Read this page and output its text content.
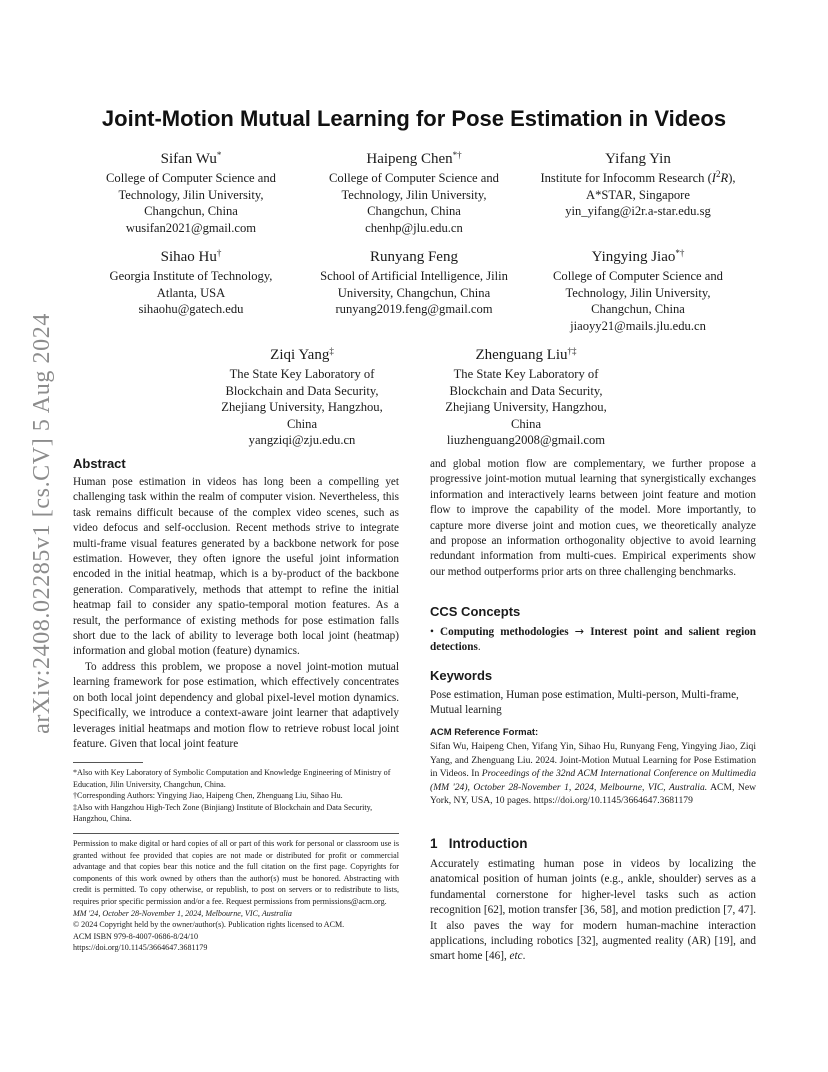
arXiv:2408.02285v1 [cs.CV] 5 Aug 2024
Joint-Motion Mutual Learning for Pose Estimation in Videos
Sifan Wu*
College of Computer Science and
Technology, Jilin University,
Changchun, China
wusifan2021@gmail.com
Haipeng Chen*†
College of Computer Science and
Technology, Jilin University,
Changchun, China
chenhp@jlu.edu.cn
Yifang Yin
Institute for Infocomm Research $(I^2R)$,
A*STAR, Singapore
yin_yifang@i2r.a-star.edu.sg
Sihao Hu†
Georgia Institute of Technology,
Atlanta, USA
sihaohu@gatech.edu
Runyang Feng
School of Artificial Intelligence, Jilin
University, Changchun, China
runyang2019.feng@gmail.com
Yingying Jiao*†
College of Computer Science and
Technology, Jilin University,
Changchun, China
jiaoyy21@mails.jlu.edu.cn
Ziqi Yang‡
The State Key Laboratory of
Blockchain and Data Security,
Zhejiang University, Hangzhou,
China
yangziqi@zju.edu.cn
Zhenguang Liu†‡
The State Key Laboratory of
Blockchain and Data Security,
Zhejiang University, Hangzhou,
China
liuzhenguang2008@gmail.com
Abstract

Human pose estimation in videos has long been a compelling yet challenging task within the realm of computer vision. Nevertheless, this task remains difficult because of the complex video scenes, such as video defocus and self-occlusion. Recent methods strive to integrate multi-frame visual features generated by a backbone network for pose estimation. However, they often ignore the useful joint information encoded in the initial heatmap, which is a by-product of the backbone generation. Comparatively, methods that attempt to refine the initial heatmap fail to consider any spatio-temporal motion features. As a result, the performance of existing methods for pose estimation falls short due to the lack of ability to leverage both local joint (heatmap) information and global motion (feature) dynamics.

To address this problem, we propose a novel joint-motion mutual learning framework for pose estimation, which effectively concentrates on both local joint dependency and global pixel-level motion dynamics. Specifically, we introduce a context-aware joint learner that adaptively leverages initial heatmaps and motion flow to retrieve robust local joint feature. Given that local joint feature

*Also with Key Laboratory of Symbolic Computation and Knowledge Engineering of Ministry of Education, Jilin University, Changchun, China.

†Corresponding Authors: Yingying Jiao, Haipeng Chen, Zhenguang Liu, Sihao Hu.

‡Also with Hangzhou High-Tech Zone (Binjiang) Institute of Blockchain and Data Security, Hangzhou, China.

Permission to make digital or hard copies of all or part of this work for personal or classroom use is granted without fee provided that copies are not made or distributed for profit or commercial advantage and that copies bear this notice and the full citation on the first page. Copyrights for components of this work owned by others than the author(s) must be honored. Abstracting with credit is permitted. To copy otherwise, or republish, to post on servers or to redistribute to lists, requires prior specific permission and/or a fee. Request permissions from permissions@acm.org.

MM '24, October 28-November 1, 2024, Melbourne, VIC, Australia

© 2024 Copyright held by the owner/author(s). Publication rights licensed to ACM.

ACM ISBN 979-8-4007-0686-8/24/10

https://doi.org/10.1145/3664647.3681179

and global motion flow are complementary, we further propose a progressive joint-motion mutual learning that synergistically exchanges information and interactively learns between joint feature and motion flow to improve the capability of the model. More importantly, to capture more diverse joint and motion cues, we theoretically analyze and propose an information orthogonality objective to avoid learning redundant information from multi-cues. Empirical experiments show our method outperforms prior arts on three challenging benchmarks.

CCS Concepts

• Computing methodologies → Interest point and salient region detections.

Keywords
Pose estimation, Human pose estimation, Multi-person, Multi-frame, Mutual learning
ACM Reference Format:

Sifan Wu, Haipeng Chen, Yifang Yin, Sihao Hu, Runyang Feng, Yingying Jiao, Ziqi Yang, and Zhenguang Liu. 2024. Joint-Motion Mutual Learning for Pose Estimation in Videos. In Proceedings of the 32nd ACM International Conference on Multimedia (MM '24), October 28-November 1, 2024, Melbourne, VIC, Australia. ACM, New York, NY, USA, 10 pages. https://doi.org/10.1145/3664647.3681179

1 Introduction

Accurately estimating human pose in videos by localizing the anatomical position of human joints (e.g., ankle, shoulder) serves as a fundamental cornerstone for higher-level tasks such as action recognition [62], motion transfer [36, 58], and motion prediction [7, 47]. It also paves the way for modern human-machine interaction applications, including robotics [32], augmented reality (AR) [19], and smart home [46], etc.
